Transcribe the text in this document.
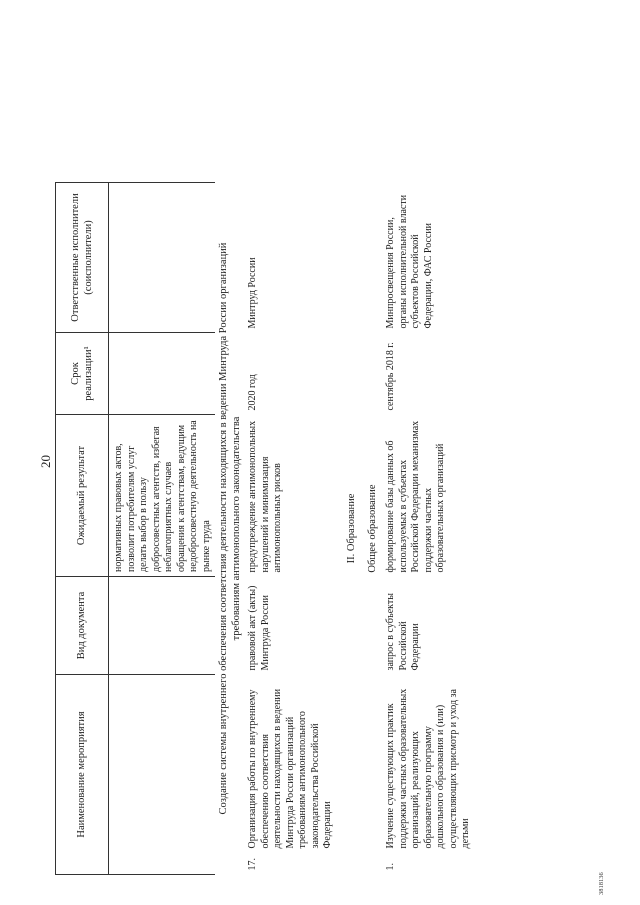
20
Наименование мероприятия		Вид документа	Ожидаемый результат	Срок реализации¹	Ответственные исполнители (соисполнители)
			нормативных правовых актов, позволит потребителям услуг делать выбор в пользу добросовестных агентств, избегая неблагоприятных случаев обращения к агентствам, ведущим недобросовестную деятельность на рынке труда		
Создание системы внутреннего обеспечения соответствия деятельности находящихся в ведении Минтруда России организаций требованиям антимонопольного законодательства					
17.	Организация работы по внутреннему обеспечению соответствия деятельности находящихся в ведении Минтруда России организаций требованиям антимонопольного законодательства Российской Федерации	правовой акт (акты) Минтруда России	предупреждение антимонопольных нарушений и минимизация антимонопольных рисков	2020 год	Минтруд России
II. Образование					
Общее образование					
1.	Изучение существующих практик поддержки частных образовательных организаций, реализующих образовательную программу дошкольного образования и (или) осуществляющих присмотр и уход за детьми	запрос в субъекты Российской Федерации	формирование базы данных об используемых в субъектах Российской Федерации механизмах поддержки частных образовательных организаций	сентябрь 2018 г.	Минпросвещения России, органы исполнительной власти субъектов Российской Федерации, ФАС России
3818136
